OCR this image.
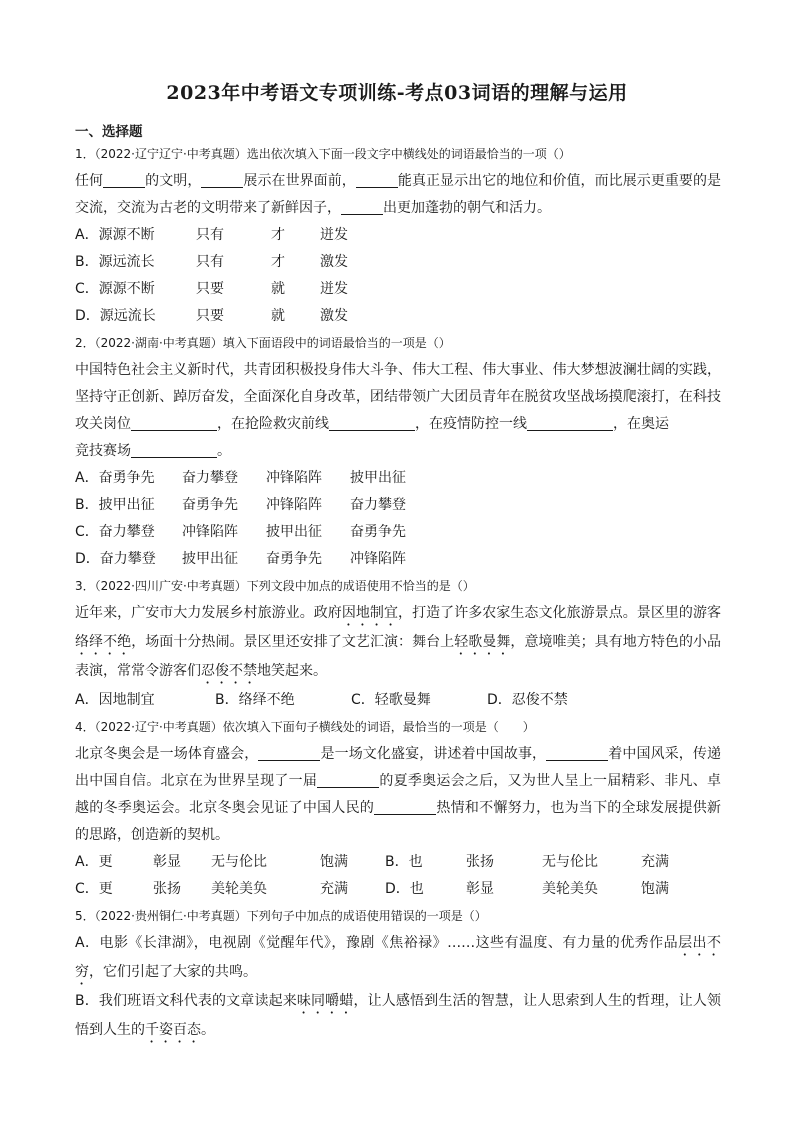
2023年中考语文专项训练-考点03词语的理解与运用
一、选择题
1．（2022·辽宁辽宁·中考真题）选出依次填入下面一段文字中横线处的词语最恰当的一项（）

任何	的文明，	展示在世界面前，	能真正显示出它的地位和价值，而比展示更重要的是交流，交流为古老的文明带来了新鲜因子，	出更加蓬勃的朝气和活力。

A．源源不断	只有	才	迸发
B．源远流长	只有	才	激发
C．源源不断	只要	就	迸发
D．源远流长	只要	就	激发
2．（2022·湖南·中考真题）填入下面语段中的词语最恰当的一项是（）

中国特色社会主义新时代，共青团积极投身伟大斗争、伟大工程、伟大事业、伟大梦想波澜壮阔的实践，坚持守正创新、踔厉奋发，全面深化自身改革，团结带领广大团员青年在脱贫攻坚战场摸爬滚打，在科技攻关岗位	，在抢险救灾前线	，在疫情防控一线	，在奥运
竞技赛场	。

A．奋勇争先	奋力攀登	冲锋陷阵	披甲出征
B．披甲出征	奋勇争先	冲锋陷阵	奋力攀登
C．奋力攀登	冲锋陷阵	披甲出征	奋勇争先
D．奋力攀登	披甲出征	奋勇争先	冲锋陷阵
3．（2022·四川广安·中考真题）下列文段中加点的成语使用不恰当的是（）

近年来，广安市大力发展乡村旅游业。政府因地制宜，打造了许多农家生态文化旅游景点。景区里的游客络绎不绝，场面十分热闹。景区里还安排了文艺汇演：舞台上轻歌曼舞，意境唯美；具有地方特色的小品表演，常常令游客们忍俊不禁地笑起来。

A．因地制宜	B．络绎不绝	C．轻歌曼舞	D．忍俊不禁
4．（2022·辽宁·中考真题）依次填入下面句子横线处的词语，最恰当的一项是（　　）

北京冬奥会是一场体育盛会，	是一场文化盛宴，讲述着中国故事，	着中国风采，传递出中国自信。北京在为世界呈现了一届	的夏季奥运会之后，又为世人呈上一届精彩、非凡、卓越的冬季奥运会。北京冬奥会见证了中国人民的	热情和不懈努力，也为当下的全球发展提供新的思路，创造新的契机。

A．更	彰显	无与伦比	饱满	B．也	张扬	无与伦比	充满
C．更	张扬	美轮美奂	充满	D．也	彰显	美轮美奂	饱满
5．（2022·贵州铜仁·中考真题）下列句子中加点的成语使用错误的一项是（）

A．电影《长津湖》，电视剧《觉醒年代》，豫剧《焦裕禄》……这些有温度、有力量的优秀作品层出不穷，它们引起了大家的共鸣。

B．我们班语文科代表的文章读起来味同嚼蜡，让人感悟到生活的智慧，让人思索到人生的哲理，让人领悟到人生的千姿百态。
